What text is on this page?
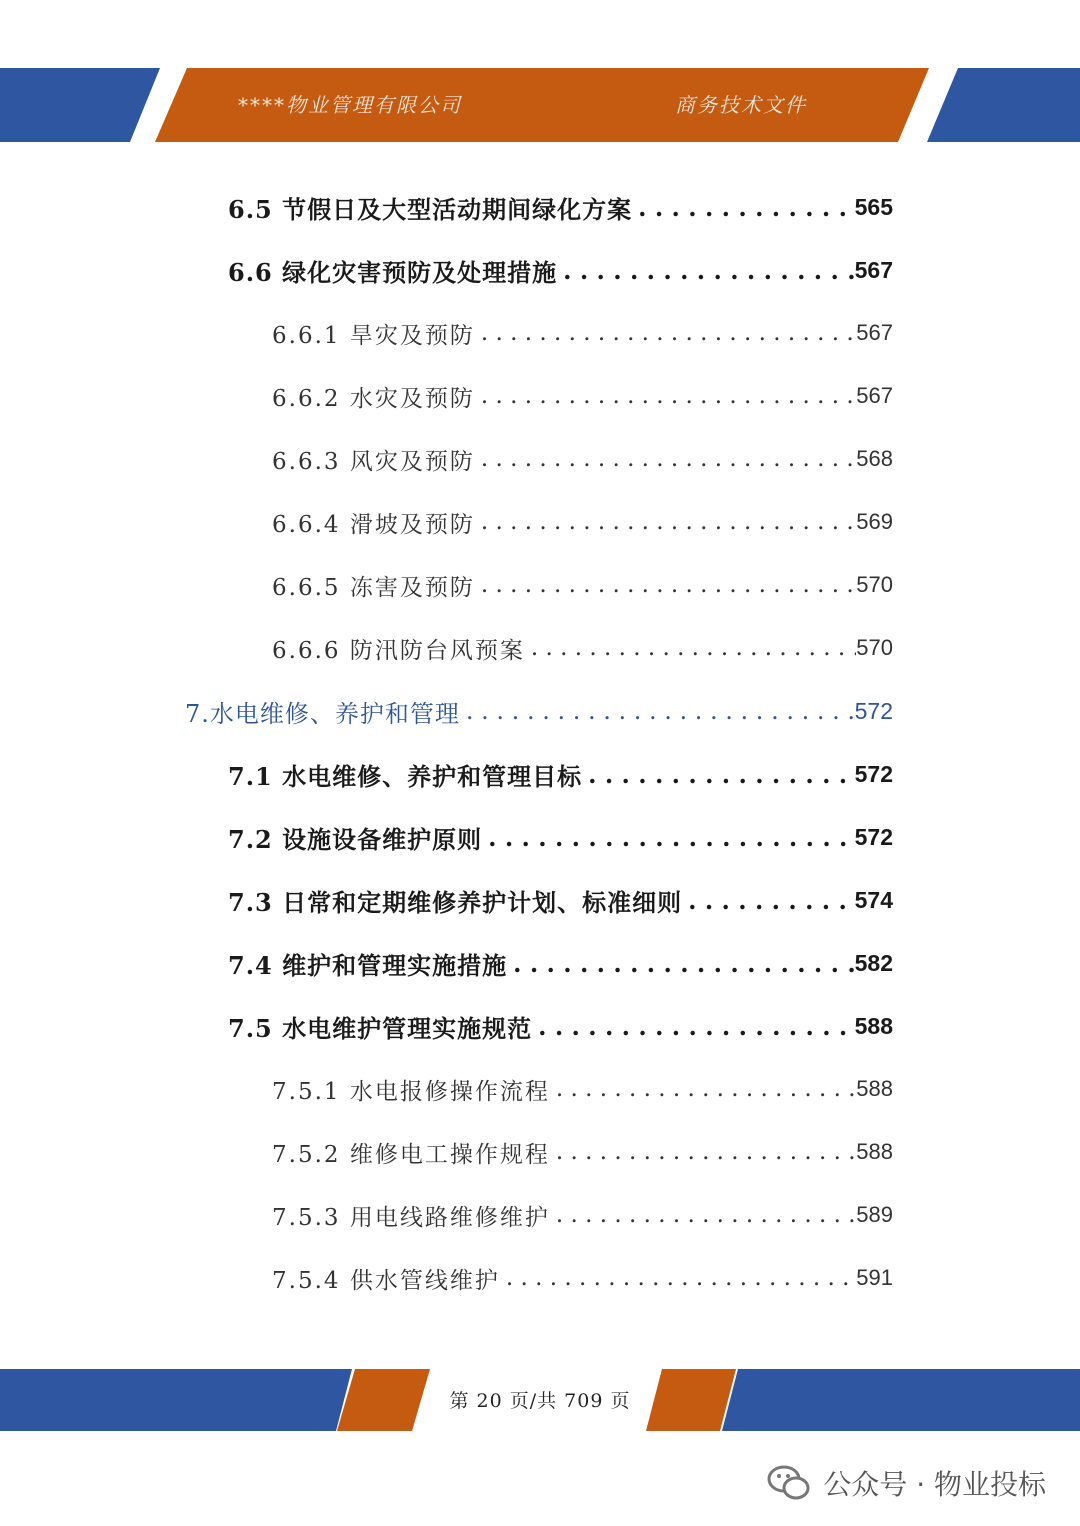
****物业管理有限公司	商务技术文件
6.5 节假日及大型活动期间绿化方案 . . .	565
6.6 绿化灾害预防及处理措施 . . .	567
6.6.1 旱灾及预防 . . .	567
6.6.2 水灾及预防 . . .	567
6.6.3 风灾及预防 . . .	568
6.6.4 滑坡及预防 . . .	569
6.6.5 冻害及预防 . . .	570
6.6.6 防汛防台风预案 . . .	570
7.水电维修、养护和管理 . . .	572
7.1 水电维修、养护和管理目标 . . .	572
7.2 设施设备维护原则 . . .	572
7.3 日常和定期维修养护计划、标准细则 . . .	574
7.4 维护和管理实施措施 . . .	582
7.5 水电维护管理实施规范 . . .	588
7.5.1 水电报修操作流程 . . .	588
7.5.2 维修电工操作规程 . . .	588
7.5.3 用电线路维修维护 . . .	589
7.5.4 供水管线维护 . . .	591
第 20 页/共 709 页
公众号 · 物业投标
